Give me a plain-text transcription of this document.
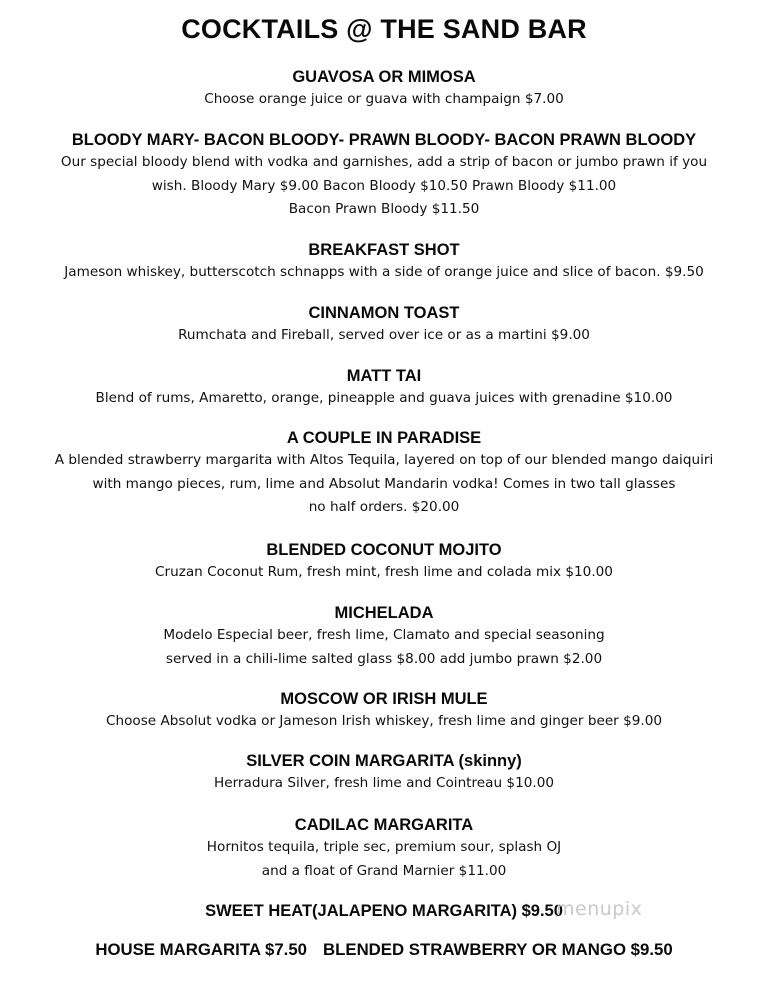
COCKTAILS @ THE SAND BAR
GUAVOSA OR MIMOSA
Choose orange juice or guava with champaign $7.00
BLOODY MARY- BACON BLOODY- PRAWN BLOODY- BACON PRAWN BLOODY
Our special bloody blend with vodka and garnishes, add a strip of bacon or jumbo prawn if you
wish. Bloody Mary $9.00 Bacon Bloody $10.50 Prawn Bloody $11.00
Bacon Prawn Bloody $11.50
BREAKFAST SHOT
Jameson whiskey, butterscotch schnapps with a side of orange juice and slice of bacon. $9.50
CINNAMON TOAST
Rumchata and Fireball, served over ice or as a martini $9.00
MATT TAI
Blend of rums, Amaretto, orange, pineapple and guava juices with grenadine $10.00
A COUPLE IN PARADISE
A blended strawberry margarita with Altos Tequila, layered on top of our blended mango daiquiri
with mango pieces, rum, lime and Absolut Mandarin vodka! Comes in two tall glasses
no half orders. $20.00
BLENDED COCONUT MOJITO
Cruzan Coconut Rum, fresh mint, fresh lime and colada mix $10.00
MICHELADA
Modelo Especial beer, fresh lime, Clamato and special seasoning
served in a chili-lime salted glass $8.00 add jumbo prawn $2.00
MOSCOW OR IRISH MULE
Choose Absolut vodka or Jameson Irish whiskey, fresh lime and ginger beer $9.00
SILVER COIN MARGARITA (skinny)
Herradura Silver, fresh lime and Cointreau $10.00
CADILAC MARGARITA
Hornitos tequila, triple sec, premium sour, splash OJ
and a float of Grand Marnier $11.00
SWEET HEAT(JALAPENO MARGARITA) $9.50
HOUSE MARGARITA $7.50 BLENDED STRAWBERRY OR MANGO $9.50
menupix
